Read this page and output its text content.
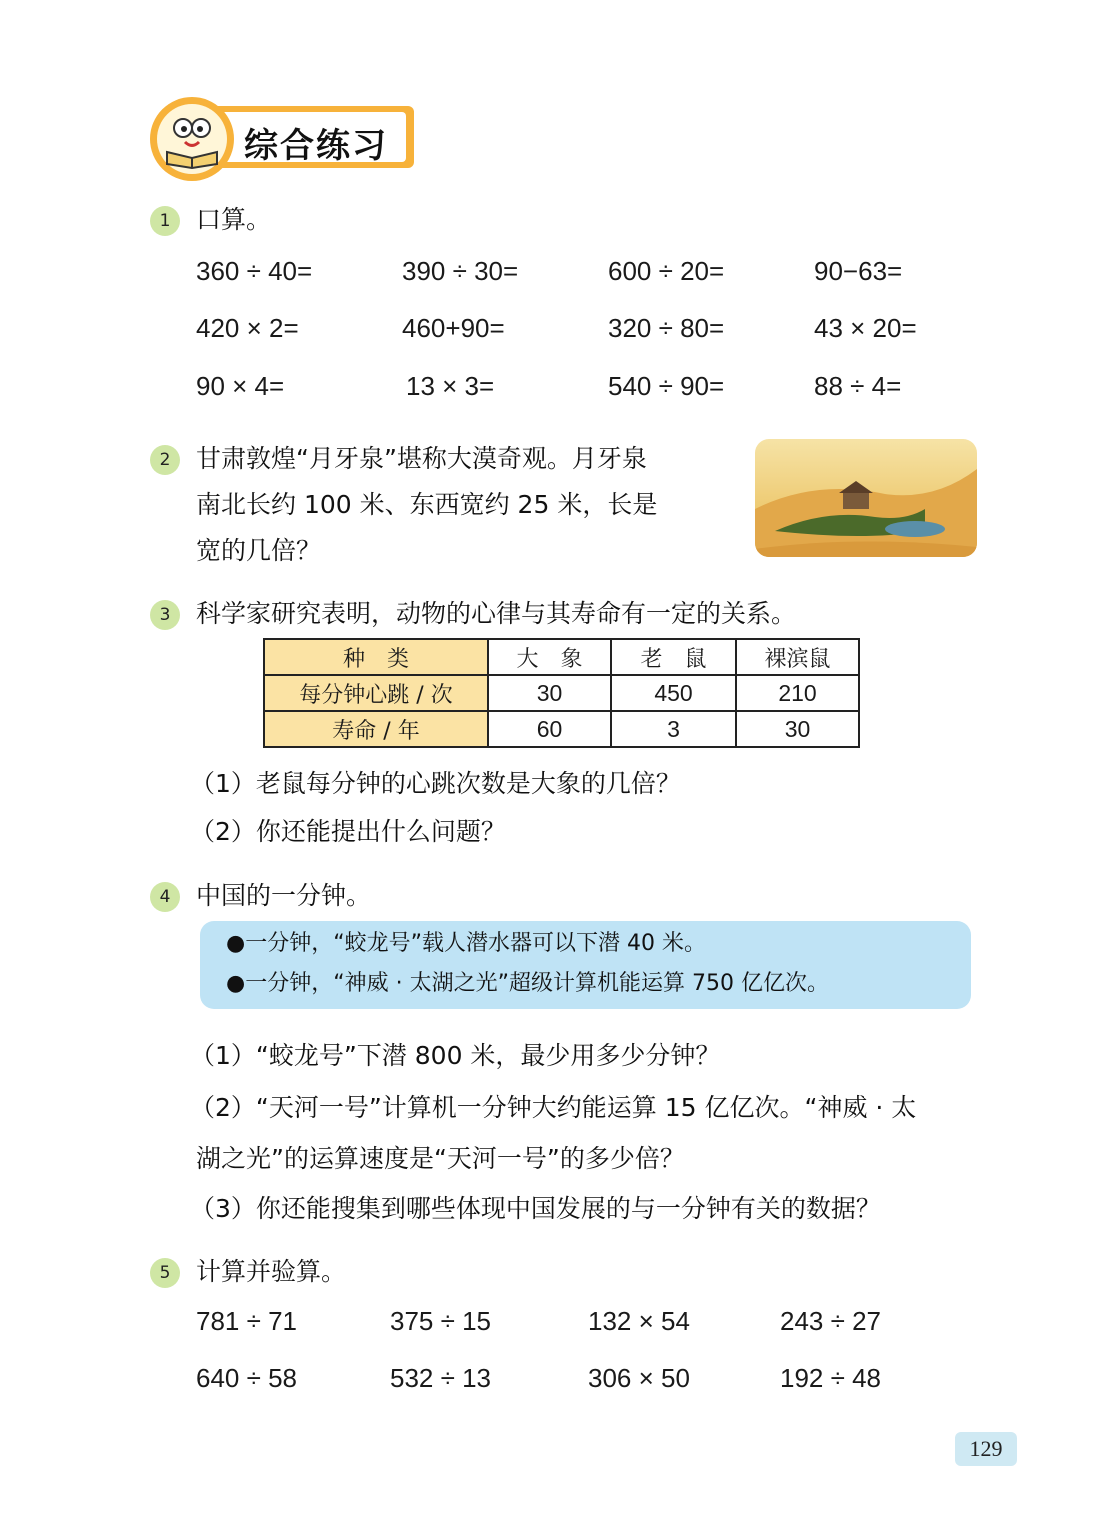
综合练习
1	口算。
360 ÷ 40=	390 ÷ 30=	600 ÷ 20=	90−63=
420 × 2=	460+90=	320 ÷ 80=	43 × 20=
90 × 4=	13 × 3=	540 ÷ 90=	88 ÷ 4=
2	甘肃敦煌“月牙泉”堪称大漠奇观。月牙泉
南北长约 100 米、东西宽约 25 米，长是
宽的几倍？
3	科学家研究表明，动物的心律与其寿命有一定的关系。
种　类	大　象	老　鼠	裸滨鼠
每分钟心跳 / 次	30	450	210
寿命 / 年	60	3	30
（1）老鼠每分钟的心跳次数是大象的几倍？
（2）你还能提出什么问题？
4	中国的一分钟。
●一分钟，“蛟龙号”载人潜水器可以下潜 40 米。
●一分钟，“神威 · 太湖之光”超级计算机能运算 750 亿亿次。
（1）“蛟龙号”下潜 800 米，最少用多少分钟？
（2）“天河一号”计算机一分钟大约能运算 15 亿亿次。“神威 · 太
湖之光”的运算速度是“天河一号”的多少倍？
（3）你还能搜集到哪些体现中国发展的与一分钟有关的数据？
5	计算并验算。
781 ÷ 71	375 ÷ 15	132 × 54	243 ÷ 27
640 ÷ 58	532 ÷ 13	306 × 50	192 ÷ 48
129
